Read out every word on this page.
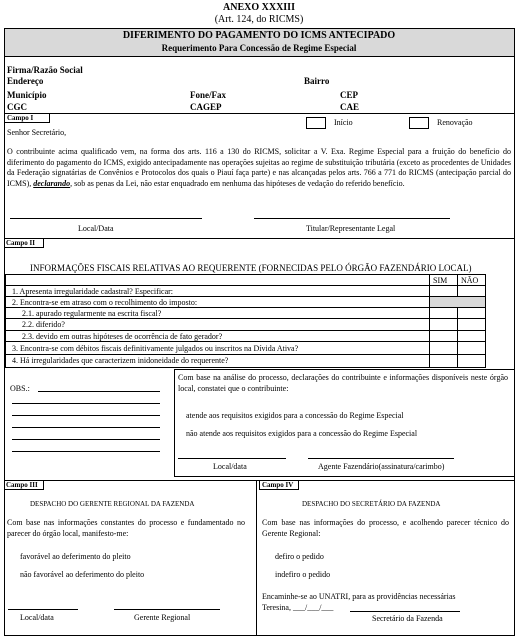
ANEXO XXXIII
(Art. 124, do RICMS)
DIFERIMENTO DO PAGAMENTO DO ICMS ANTECIPADO
Requerimento Para Concessão de Regime Especial
Firma/Razão Social
Endereço	Bairro
Município	Fone/Fax	CEP
CGC	CAGEP	CAE
Campo I	Início	Renovação
Senhor Secretário,
O contribuinte acima qualificado vem, na forma dos arts. 116 a 130 do RICMS, solicitar a V. Exa. Regime Especial para a fruição do benefício do diferimento do pagamento do ICMS, exigido antecipadamente nas operações sujeitas ao regime de substituição tributária (exceto as procedentes de Unidades da Federação signatárias de Convênios e Protocolos dos quais o Piauí faça parte) e nas alcançadas pelos arts. 766 a 771 do RICMS (antecipação parcial do ICMS), declarando, sob as penas da Lei, não estar enquadrado em nenhuma das hipóteses de vedação do referido benefício.
Local/Data	Titular/Representante Legal
Campo II
INFORMAÇÕES FISCAIS RELATIVAS AO REQUERENTE (FORNECIDAS PELO ÓRGÃO FAZENDÁRIO LOCAL)
SIM NÃO
1. Apresenta irregularidade cadastral? Especificar:
2. Encontra-se em atraso com o recolhimento do imposto:
2.1. apurado regularmente na escrita fiscal?
2.2. diferido?
2.3. devido em outras hipóteses de ocorrência de fato gerador?
3. Encontra-se com débitos fiscais definitivamente julgados ou inscritos na Dívida Ativa?
4. Há irregularidades que caracterizem inidoneidade do requerente?
OBS.:
Com base na análise do processo, declarações do contribuinte e informações disponíveis neste órgão local, constatei que o contribuinte:
atende aos requisitos exigidos para a concessão do Regime Especial
não atende aos requisitos exigidos para a concessão do Regime Especial
Local/data	Agente Fazendário(assinatura/carimbo)
Campo III
DESPACHO DO GERENTE REGIONAL DA FAZENDA
Com base nas informações constantes do processo e fundamentado no parecer do órgão local, manifesto-me:
favorável ao deferimento do pleito
não favorável ao deferimento do pleito
Local/data	Gerente Regional
Campo IV
DESPACHO DO SECRETÁRIO DA FAZENDA
Com base nas informações do processo, e acolhendo parecer técnico do Gerente Regional:
defiro o pedido
indefiro o pedido
Encaminhe-se ao UNATRI, para as providências necessárias
Teresina, ___/___/___
Secretário da Fazenda
